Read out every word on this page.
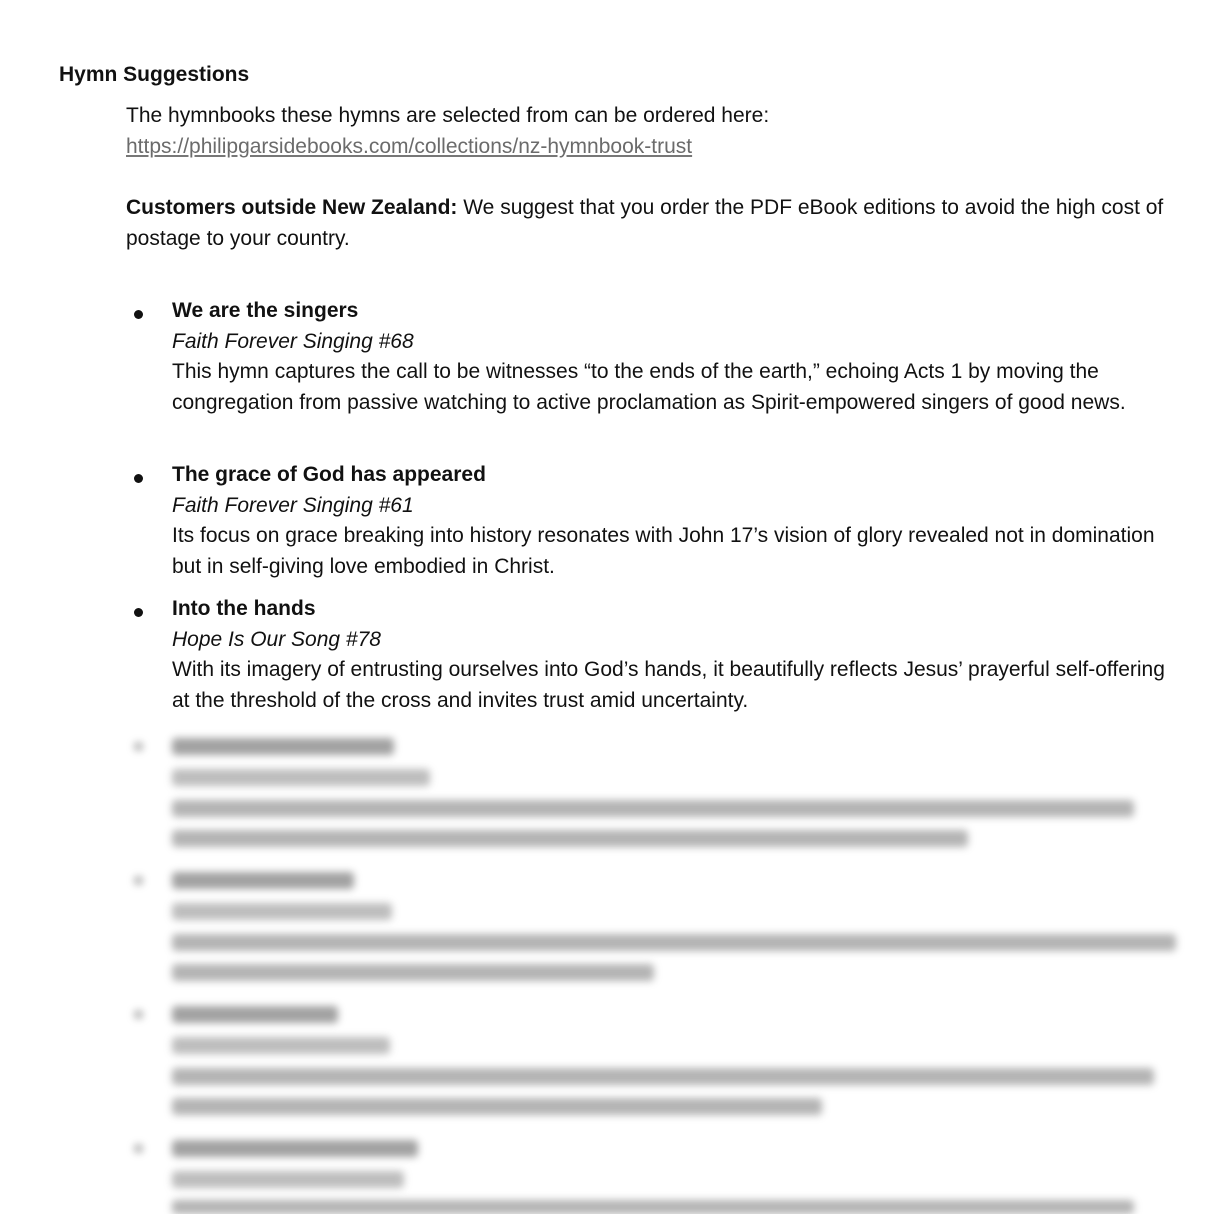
Hymn Suggestions
The hymnbooks these hymns are selected from can be ordered here:
https://philipgarsidebooks.com/collections/nz-hymnbook-trust
Customers outside New Zealand: We suggest that you order the PDF eBook editions to avoid the high cost of postage to your country.
We are the singers
Faith Forever Singing #68
This hymn captures the call to be witnesses “to the ends of the earth,” echoing Acts 1 by moving the congregation from passive watching to active proclamation as Spirit-empowered singers of good news.
The grace of God has appeared
Faith Forever Singing #61
Its focus on grace breaking into history resonates with John 17’s vision of glory revealed not in domination but in self-giving love embodied in Christ.
Into the hands
Hope Is Our Song #78
With its imagery of entrusting ourselves into God’s hands, it beautifully reflects Jesus’ prayerful self-offering at the threshold of the cross and invites trust amid uncertainty.
